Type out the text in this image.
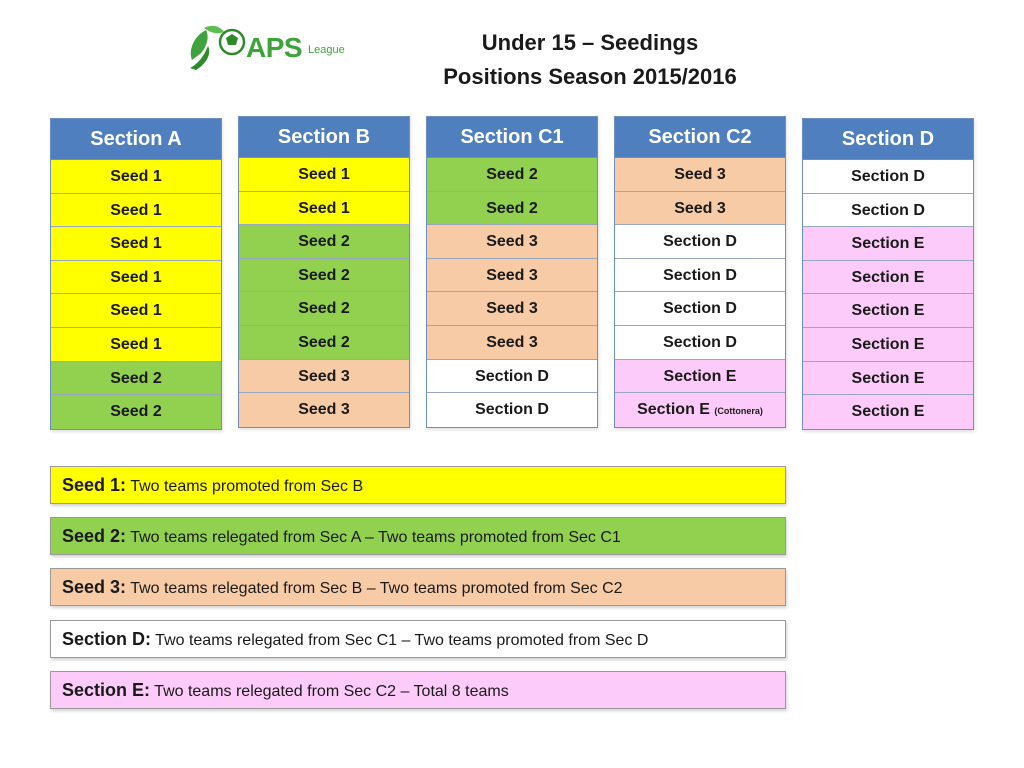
APS League	Under 15 – Seedings
Positions Season 2015/2016
Section A
Seed 1
Seed 1
Seed 1
Seed 1
Seed 1
Seed 1
Seed 2
Seed 2
Section B
Seed 1
Seed 1
Seed 2
Seed 2
Seed 2
Seed 2
Seed 3
Seed 3
Section C1
Seed 2
Seed 2
Seed 3
Seed 3
Seed 3
Seed 3
Section D
Section D
Section C2
Seed 3
Seed 3
Section D
Section D
Section D
Section D
Section E
Section E (Cottonera)
Section D
Section D
Section D
Section E
Section E
Section E
Section E
Section E
Section E
Seed 1: Two teams promoted from Sec B
Seed 2: Two teams relegated from Sec A – Two teams promoted from Sec C1
Seed 3: Two teams relegated from Sec B – Two teams promoted from Sec C2
Section D: Two teams relegated from Sec C1 – Two teams promoted from Sec D
Section E: Two teams relegated from Sec C2 – Total 8 teams
